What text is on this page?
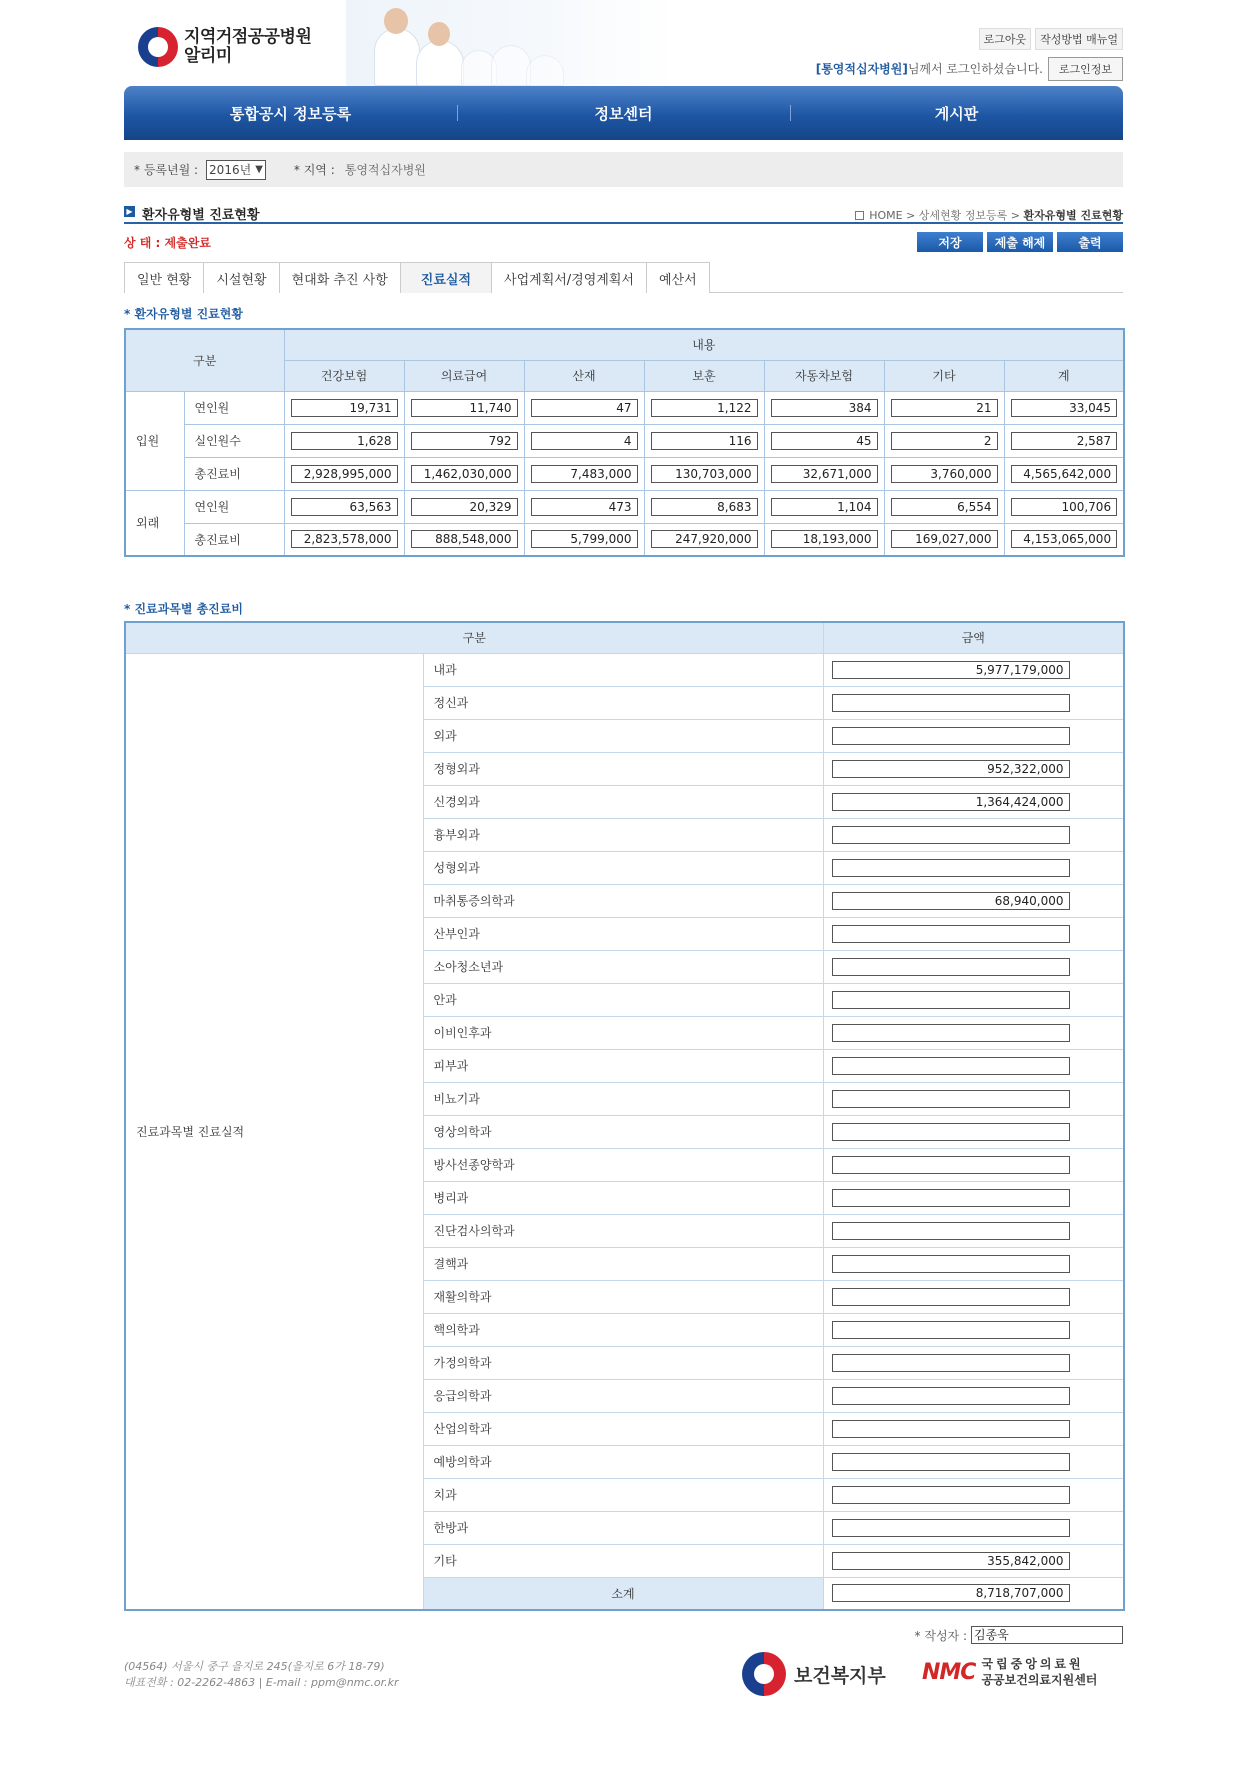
지역거점공공병원
알리미
로그아웃	작성방법 매뉴얼
[통영적십자병원]님께서 로그인하셨습니다.	로그인정보
통합공시 정보등록	정보센터	게시판
* 등록년월 : 2016년 ▼	* 지역 : 통영적십자병원
▶ 환자유형별 진료현황	HOME > 상세현황 정보등록 > 환자유형별 진료현황
상 태 : 제출완료	저장	제출 해제	출력
일반 현황	시설현황	현대화 추진 사항	진료실적	사업계획서/경영계획서	예산서
* 환자유형별 진료현황
구분		내용						
		건강보험	의료급여	산재	보훈	자동차보험	기타	계
입원	연인원	19,731	11,740	47	1,122	384	21	33,045

	실인원수	1,628	792	4	116	45	2	2,587

	총진료비	2,928,995,000	1,462,030,000	7,483,000	130,703,000	32,671,000	3,760,000	4,565,642,000

외래	연인원	63,563	20,329	473	8,683	1,104	6,554	100,706

	총진료비	2,823,578,000	888,548,000	5,799,000	247,920,000	18,193,000	169,027,000	4,153,065,000
* 진료과목별 총진료비
구분		금액
진료과목별 진료실적	내과	5,977,179,000

	정신과	

	외과	

	정형외과	952,322,000

	신경외과	1,364,424,000

	흉부외과	

	성형외과	

	마취통증의학과	68,940,000

	산부인과	

	소아청소년과	

	안과	

	이비인후과	

	피부과	

	비뇨기과	

	영상의학과	

	방사선종양학과	

	병리과	

	진단검사의학과	

	결핵과	

	재활의학과	

	핵의학과	

	가정의학과	

	응급의학과	

	산업의학과	

	예방의학과	

	치과	

	한방과	

	기타	355,842,000

	소계	8,718,707,000
* 작성자 : 김종욱
(04564) 서울시 중구 을지로 245(을지로 6가 18-79)
대표전화 : 02-2262-4863 | E-mail : ppm@nmc.or.kr	보건복지부 NMC 국립중앙의료원
공공보건의료지원센터
